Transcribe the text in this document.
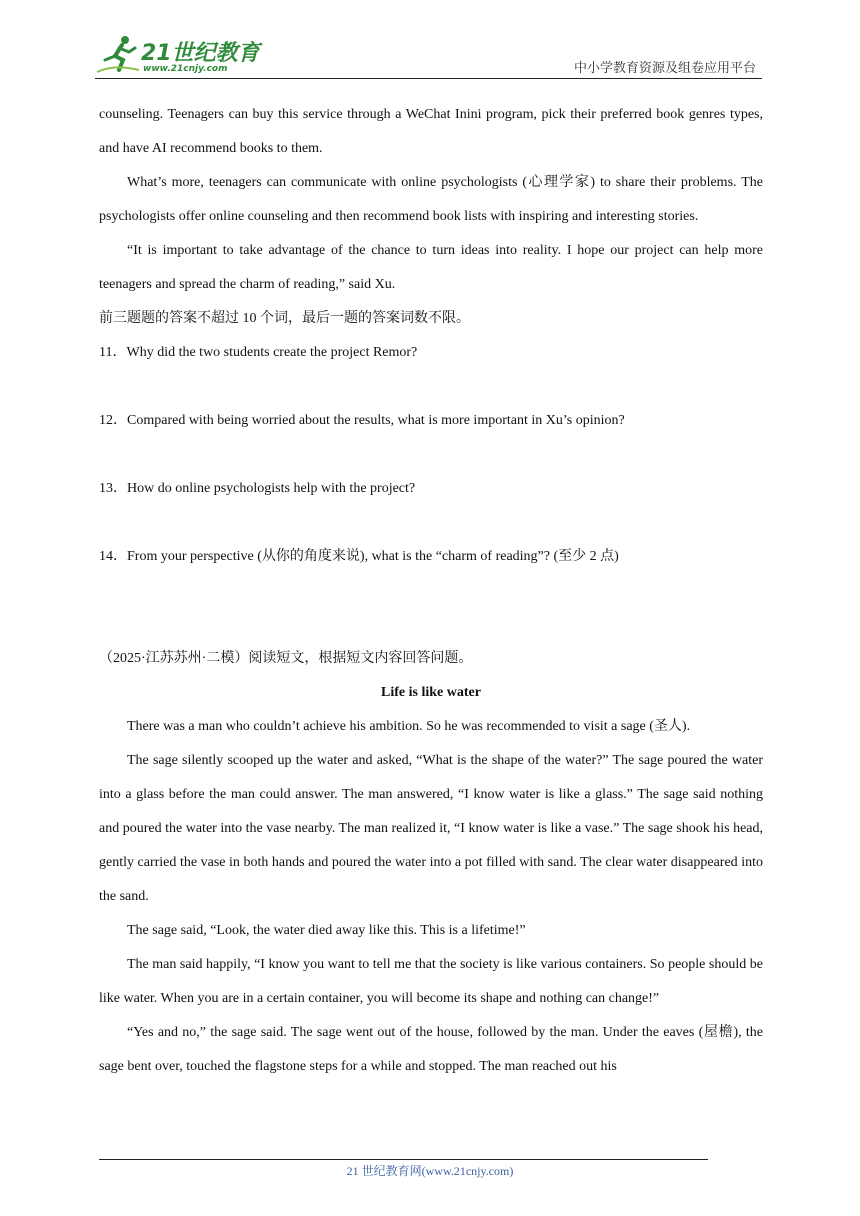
21世纪教育
www.21cnjy.com	中小学教育资源及组卷应用平台

counseling. Teenagers can buy this service through a WeChat Inini program, pick their preferred book genres types, and have AI recommend books to them.

What’s more, teenagers can communicate with online psychologists (心理学家) to share their problems. The psychologists offer online counseling and then recommend book lists with inspiring and interesting stories.

“It is important to take advantage of the chance to turn ideas into reality. I hope our project can help more teenagers and spread the charm of reading,” said Xu.

前三题题的答案不超过 10 个词，最后一题的答案词数不限。

11．Why did the two students create the project Remor?

12．Compared with being worried about the results, what is more important in Xu’s opinion?

13．How do online psychologists help with the project?

14．From your perspective (从你的角度来说), what is the “charm of reading”? (至少 2 点)

（2025·江苏苏州·二模）阅读短文，根据短文内容回答问题。

Life is like water

There was a man who couldn’t achieve his ambition. So he was recommended to visit a sage (圣人).

The sage silently scooped up the water and asked, “What is the shape of the water?” The sage poured the water into a glass before the man could answer. The man answered, “I know water is like a glass.” The sage said nothing and poured the water into the vase nearby. The man realized it, “I know water is like a vase.” The sage shook his head, gently carried the vase in both hands and poured the water into a pot filled with sand. The clear water disappeared into the sand.

The sage said, “Look, the water died away like this. This is a lifetime!”

The man said happily, “I know you want to tell me that the society is like various containers. So people should be like water. When you are in a certain container, you will become its shape and nothing can change!”

“Yes and no,” the sage said. The sage went out of the house, followed by the man. Under the eaves (屋檐), the sage bent over, touched the flagstone steps for a while and stopped. The man reached out his

21 世纪教育网(www.21cnjy.com)
